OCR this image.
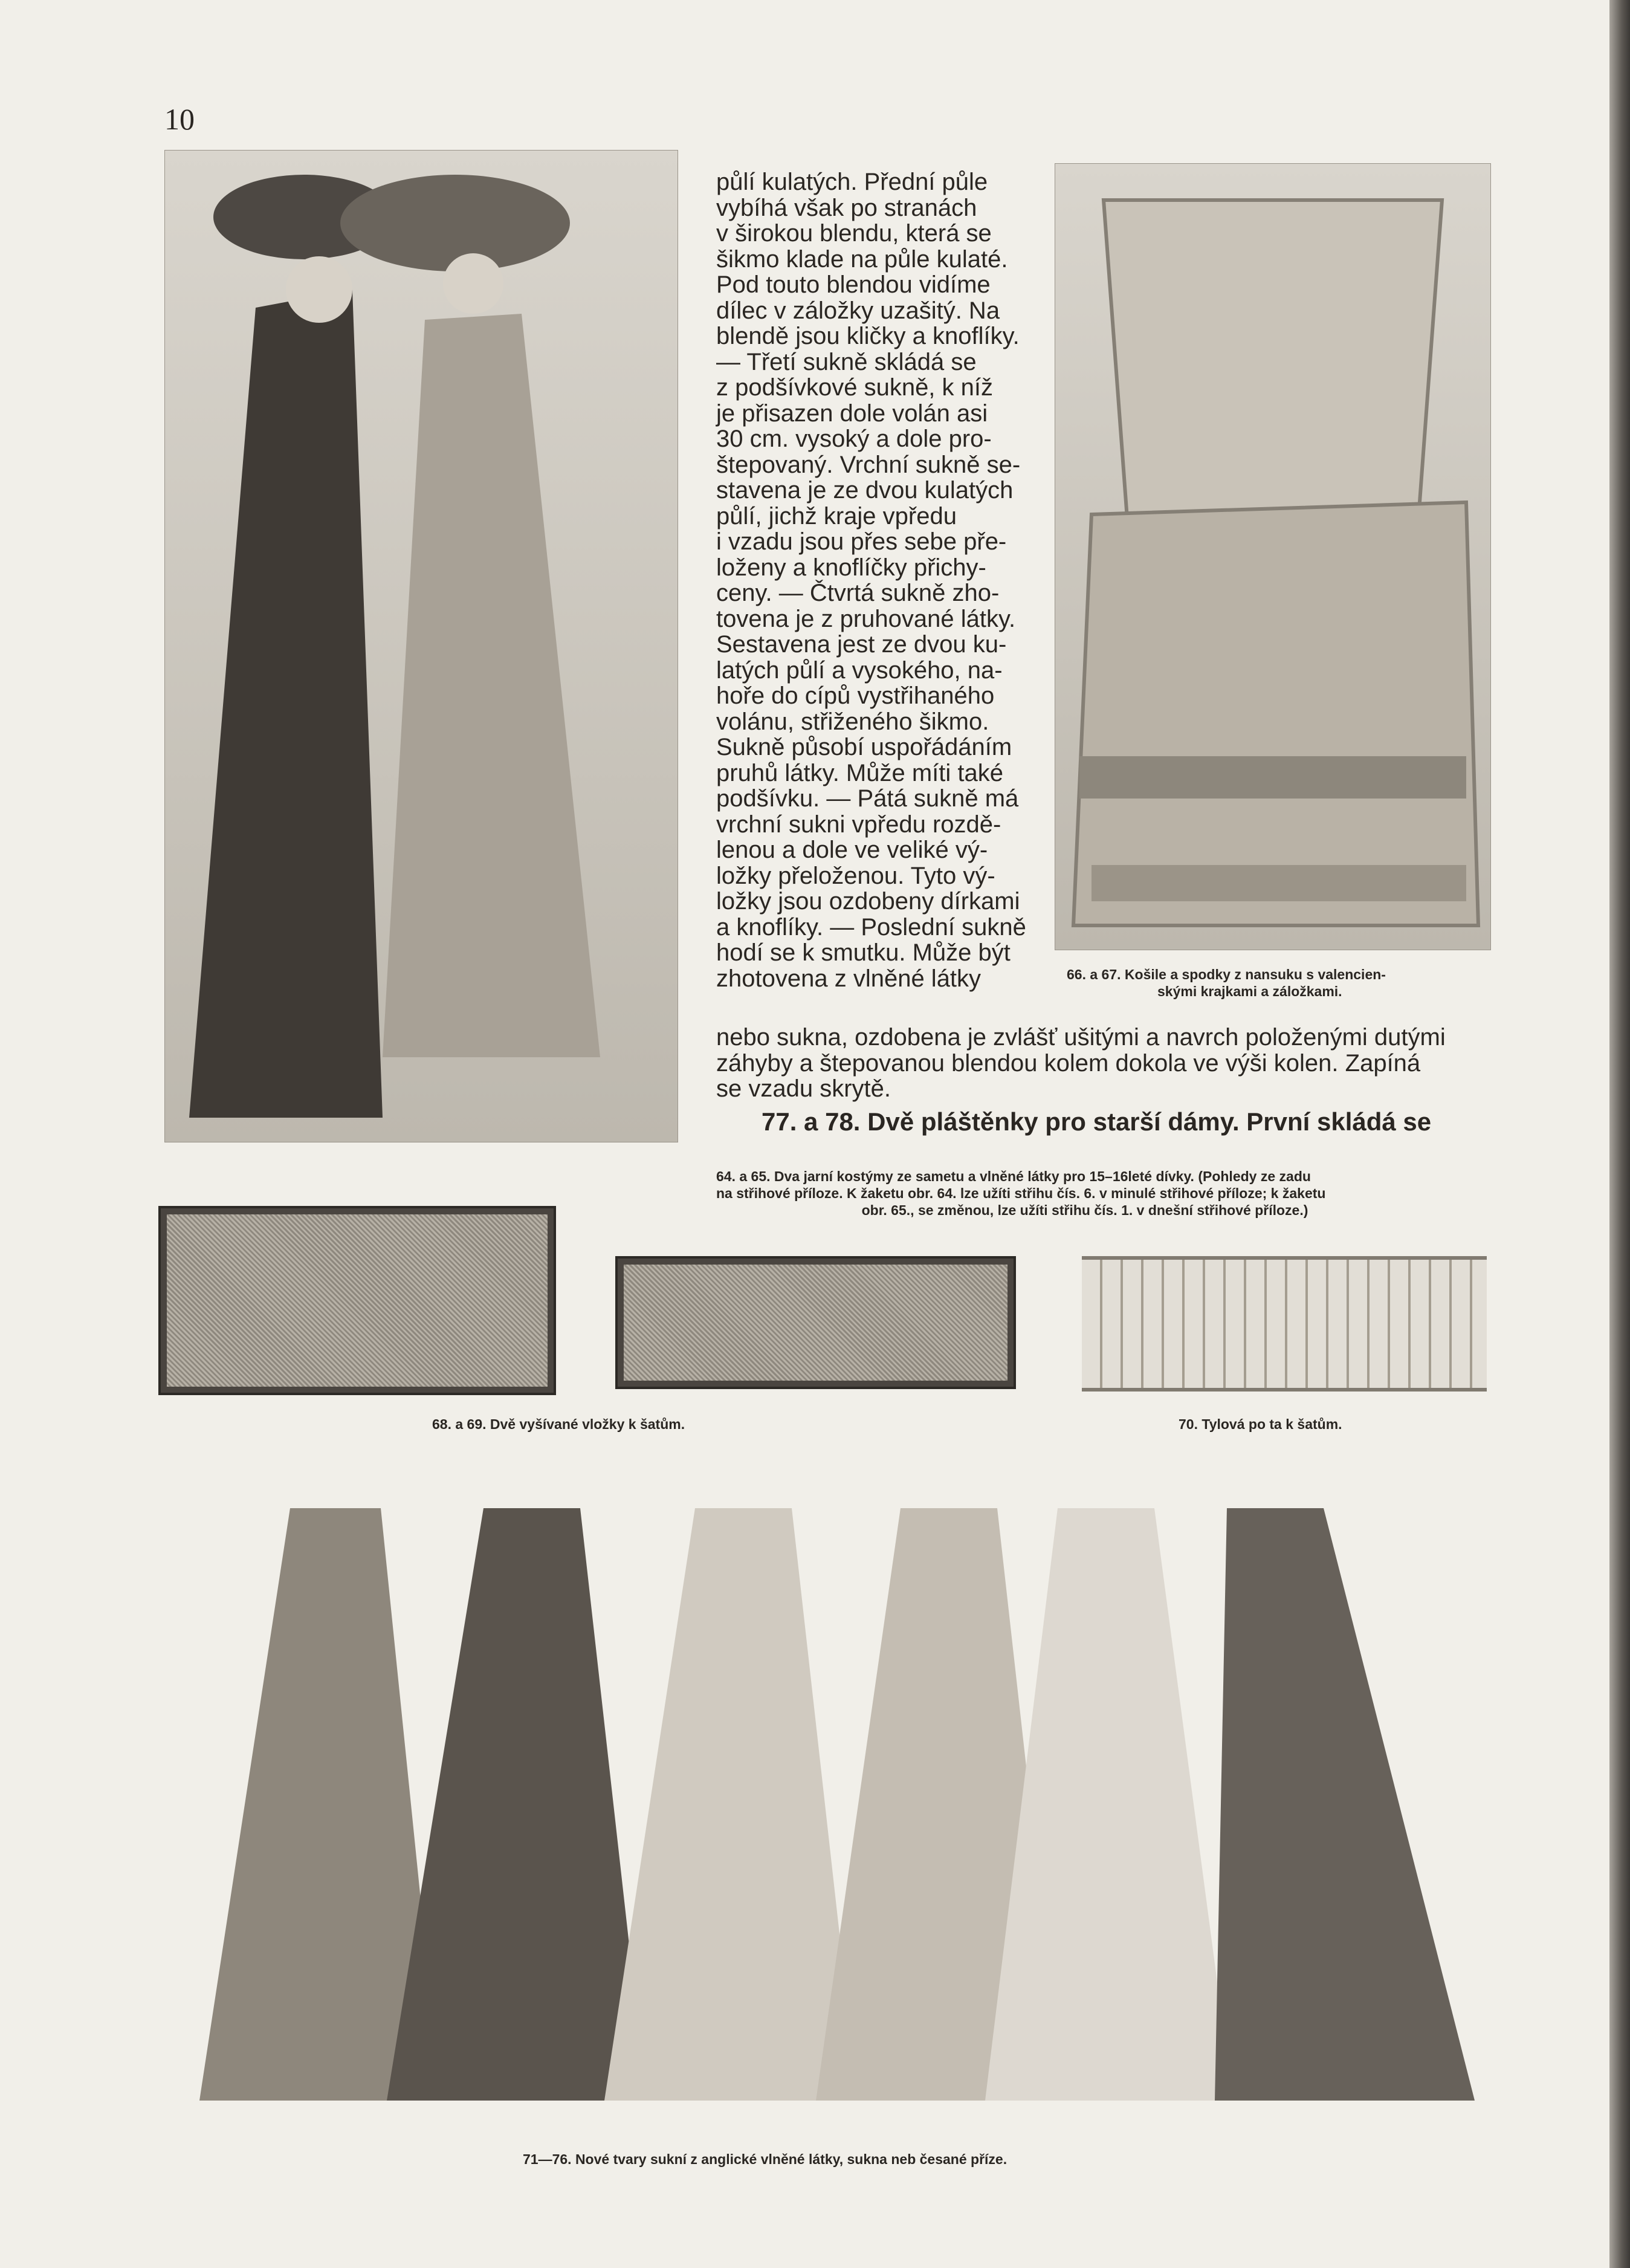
10

půlí kulatých. Přední půle

vybíhá však po stranách

v širokou blendu, která se

šikmo klade na půle kulaté.

Pod touto blendou vidíme

dílec v záložky uzašitý. Na

blendě jsou kličky a knoflíky.

— Třetí sukně skládá se

z podšívkové sukně, k níž

je přisazen dole volán asi

30 cm. vysoký a dole pro-

štepovaný. Vrchní sukně se-

stavena je ze dvou kulatých

půlí, jichž kraje vpředu

i vzadu jsou přes sebe pře-

loženy a knoflíčky přichy-

ceny. — Čtvrtá sukně zho-

tovena je z pruhované látky.

Sestavena jest ze dvou ku-

latých půlí a vysokého, na-

hoře do cípů vystřihaného

volánu, střiženého šikmo.

Sukně působí uspořádáním

pruhů látky. Může míti také

podšívku. — Pátá sukně má

vrchní sukni vpředu rozdě-

lenou a dole ve veliké vý-

ložky přeloženou. Tyto vý-

ložky jsou ozdobeny dírkami

a knoflíky. — Poslední sukně

hodí se k smutku. Může být

zhotovena z vlněné látky	66. a 67. Košile a spodky z nansuku s valencien-
skými krajkami a záložkami.

nebo sukna, ozdobena je zvlášť ušitými a navrch položenými dutými

záhyby a štepovanou blendou kolem dokola ve výši kolen. Zapíná

se vzadu skrytě.

77. a 78. Dvě pláštěnky pro starší dámy. První skládá se
64. a 65. Dva jarní kostýmy ze sametu a vlněné látky pro 15–16leté dívky. (Pohledy ze zadu
na střihové příloze. K žaketu obr. 64. lze užíti střihu čís. 6. v minulé střihové příloze; k žaketu
obr. 65., se změnou, lze užíti střihu čís. 1. v dnešní střihové příloze.)
68. a 69. Dvě vyšívané vložky k šatům.	70. Tylová po ta k šatům.
71—76. Nové tvary sukní z anglické vlněné látky, sukna neb česané příze.
